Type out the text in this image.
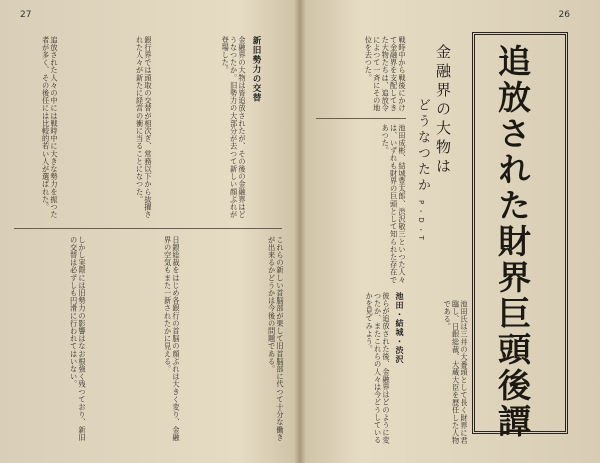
27
新旧勢力の交替
金融界の大物は皆追放されたが、その後の金融界はどうなつたか。旧勢力の大部分が去つて新しい顔ぶれが登場した。
銀行界では頭取の交替が相次ぎ、常務以下から抜擢された人々が新たに経営の衝に当ることになつた。
追放された人々の中には戦時中に大きな勢力を振つた者が多く、その後任には比較的若い人が選ばれた。
これらの新しい首脳部が果して旧首脳部に代つて十分な働きが出来るかどうかは今後の問題である。
日銀総裁をはじめ各銀行の首脳の顔ぶれは大きく変り、金融界の空気もまた一新されたかに見える。
しかし実際には旧勢力の影響はなお根強く残つており、新旧の交替は必ずしも円滑に行われてはいない。
26
追放された財界巨頭後譚
金融界の大物は
どうなつたか
P・D・T
戦時中から戦後にかけて金融界を支配してきた大物たちは、追放令によつて一斉にその地位を去つた。
池田成彬、結城豊太郎、渋沢敬三といつた人々は、いずれも財界の巨頭として知られた存在であつた。
池田・結城・渋沢
彼らが追放された後、金融界はどのように変つたか、またこれらの人々は今どうしているかを見てみよう。	池田氏は三井の大番頭として長く財界に君臨し、日銀総裁、大蔵大臣を歴任した人物である。
